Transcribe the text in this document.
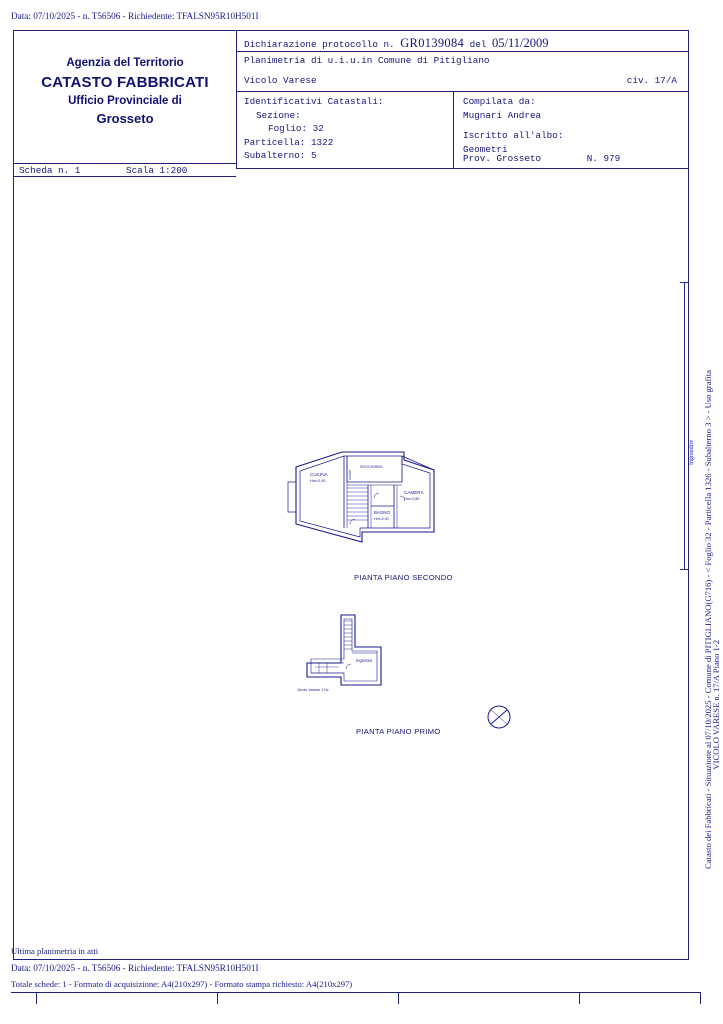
Data: 07/10/2025 - n. T56506 - Richiedente: TFALSN95R10H501I
Agenzia del Territorio
CATASTO FABBRICATI
Ufficio Provinciale di
Grosseto
Dichiarazione protocollo n. GR0139084 del 05/11/2009
Planimetria di u.i.u.in Comune di Pitigliano
Vicolo Varese	civ. 17/A
Identificativi Catastali:
Sezione:
Foglio: 32
Particella: 1322
Subalterno: 5
Compilata da:
Mugnari Andrea
Iscritto all'albo:
Geometri
Prov. Grosseto	N. 979
Scheda n. 1	Scala 1:200
CUCINA
Hm=2,90
SOGGIORNO
CAMERA
Hm=2,80
BAGNO
Hm=2,30
DISIMP.
PIANTA PIANO SECONDO
Ingresso
Vicolo Varese 17/a
PIANTA PIANO PRIMO	Catasto dei Fabbricati - Situazione al 07/10/2025 - Comune di PITIGLIANO(G716) - < Foglio 32 - Particella 1326 - Subalterno 3 > - Uso grafita
VICOLO VARESE n. 17/A Piano 1-2
Ingrandire
Ultima planimetria in atti
Data: 07/10/2025 - n. T56506 - Richiedente: TFALSN95R10H501I
Totale schede: 1 - Formato di acquisizione: A4(210x297) - Formato stampa richiesto: A4(210x297)
